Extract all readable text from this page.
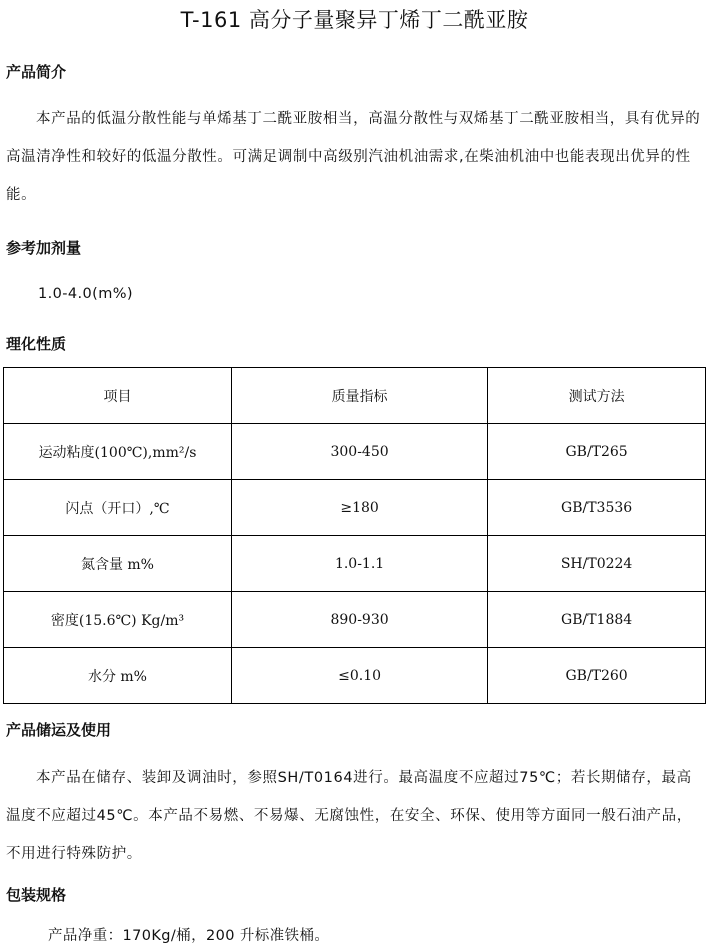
T-161 高分子量聚异丁烯丁二酰亚胺
产品简介
本产品的低温分散性能与单烯基丁二酰亚胺相当，高温分散性与双烯基丁二酰亚胺相当，具有优异的高温清净性和较好的低温分散性。可满足调制中高级别汽油机油需求,在柴油机油中也能表现出优异的性能。
参考加剂量
1.0-4.0(m%)
理化性质
项目	质量指标	测试方法
运动粘度(100℃),mm²/s	300-450	GB/T265
闪点（开口）,℃	≥180	GB/T3536
氮含量 m%	1.0-1.1	SH/T0224
密度(15.6℃) Kg/m³	890-930	GB/T1884
水分 m%	≤0.10	GB/T260
产品储运及使用
本产品在储存、装卸及调油时，参照SH/T0164进行。最高温度不应超过75℃；若长期储存，最高温度不应超过45℃。本产品不易燃、不易爆、无腐蚀性，在安全、环保、使用等方面同一般石油产品，不用进行特殊防护。
包装规格
产品净重：170Kg/桶，200 升标准铁桶。
